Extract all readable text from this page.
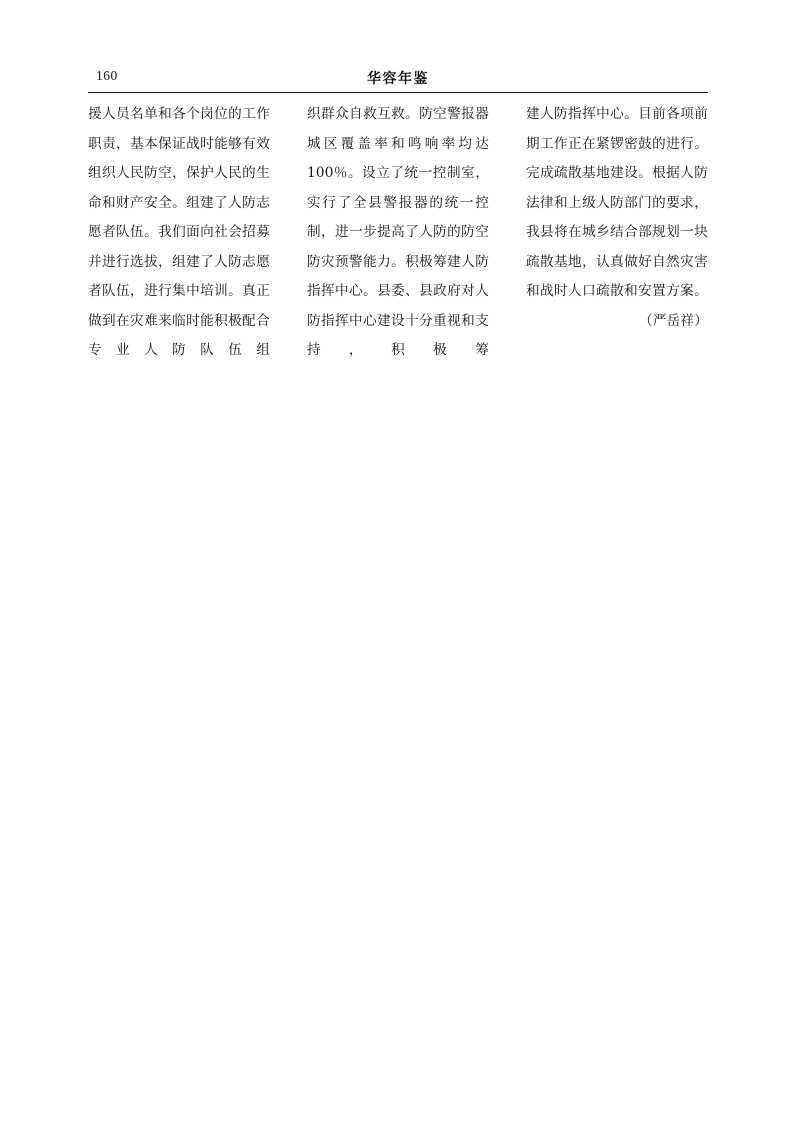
160	华容年鉴

援人员名单和各个岗位的工作职责，基本保证战时能够有效组织人民防空，保护人民的生命和财产安全。组建了人防志愿者队伍。我们面向社会招募并进行选拔，组建了人防志愿者队伍，进行集中培训。真正做到在灾难来临时能积极配合专业人防队伍组

织群众自救互救。防空警报器城区覆盖率和鸣响率均达100％。设立了统一控制室，实行了全县警报器的统一控制，进一步提高了人防的防空防灾预警能力。积极筹建人防指挥中心。县委、县政府对人防指挥中心建设十分重视和支持，积极筹

建人防指挥中心。目前各项前期工作正在紧锣密鼓的进行。完成疏散基地建设。根据人防法律和上级人防部门的要求，我县将在城乡结合部规划一块疏散基地，认真做好自然灾害和战时人口疏散和安置方案。

（严岳祥）
